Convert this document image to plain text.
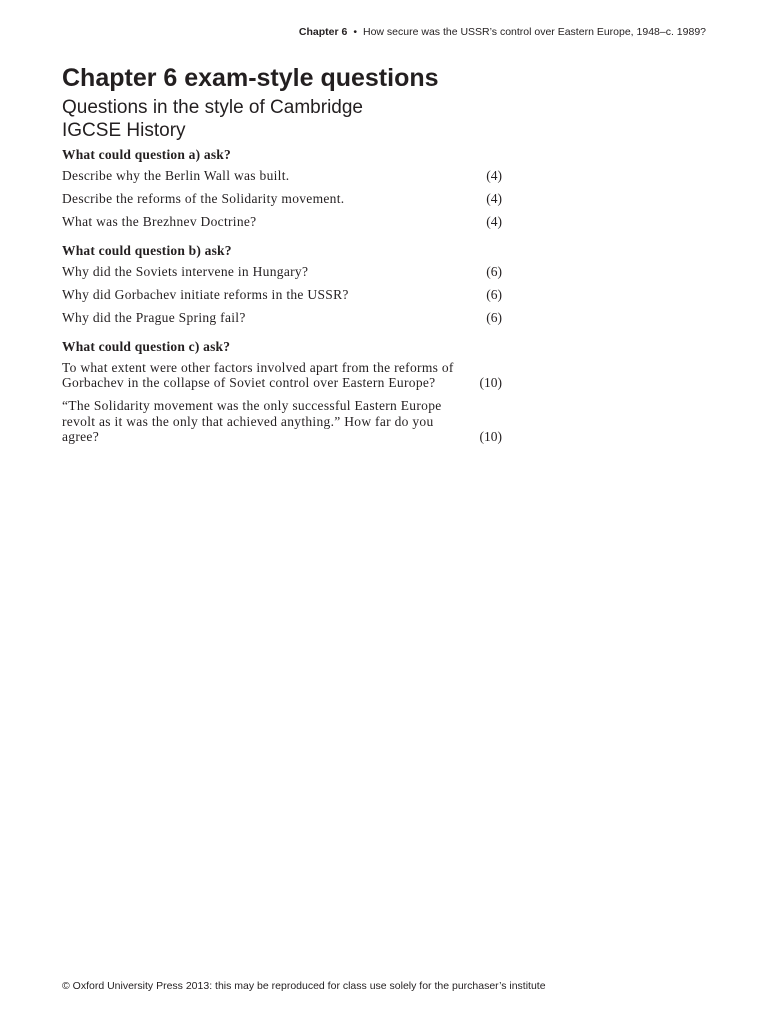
Chapter 6 • How secure was the USSR’s control over Eastern Europe, 1948–c. 1989?
Chapter 6 exam-style questions
Questions in the style of Cambridge IGCSE History
What could question a) ask?
Describe why the Berlin Wall was built.	(4)
Describe the reforms of the Solidarity movement.	(4)
What was the Brezhnev Doctrine?	(4)
What could question b) ask?
Why did the Soviets intervene in Hungary?	(6)
Why did Gorbachev initiate reforms in the USSR?	(6)
Why did the Prague Spring fail?	(6)
What could question c) ask?
To what extent were other factors involved apart from the reforms of Gorbachev in the collapse of Soviet control over Eastern Europe?	(10)
“The Solidarity movement was the only successful Eastern Europe revolt as it was the only that achieved anything.” How far do you agree?	(10)
© Oxford University Press 2013: this may be reproduced for class use solely for the purchaser’s institute
